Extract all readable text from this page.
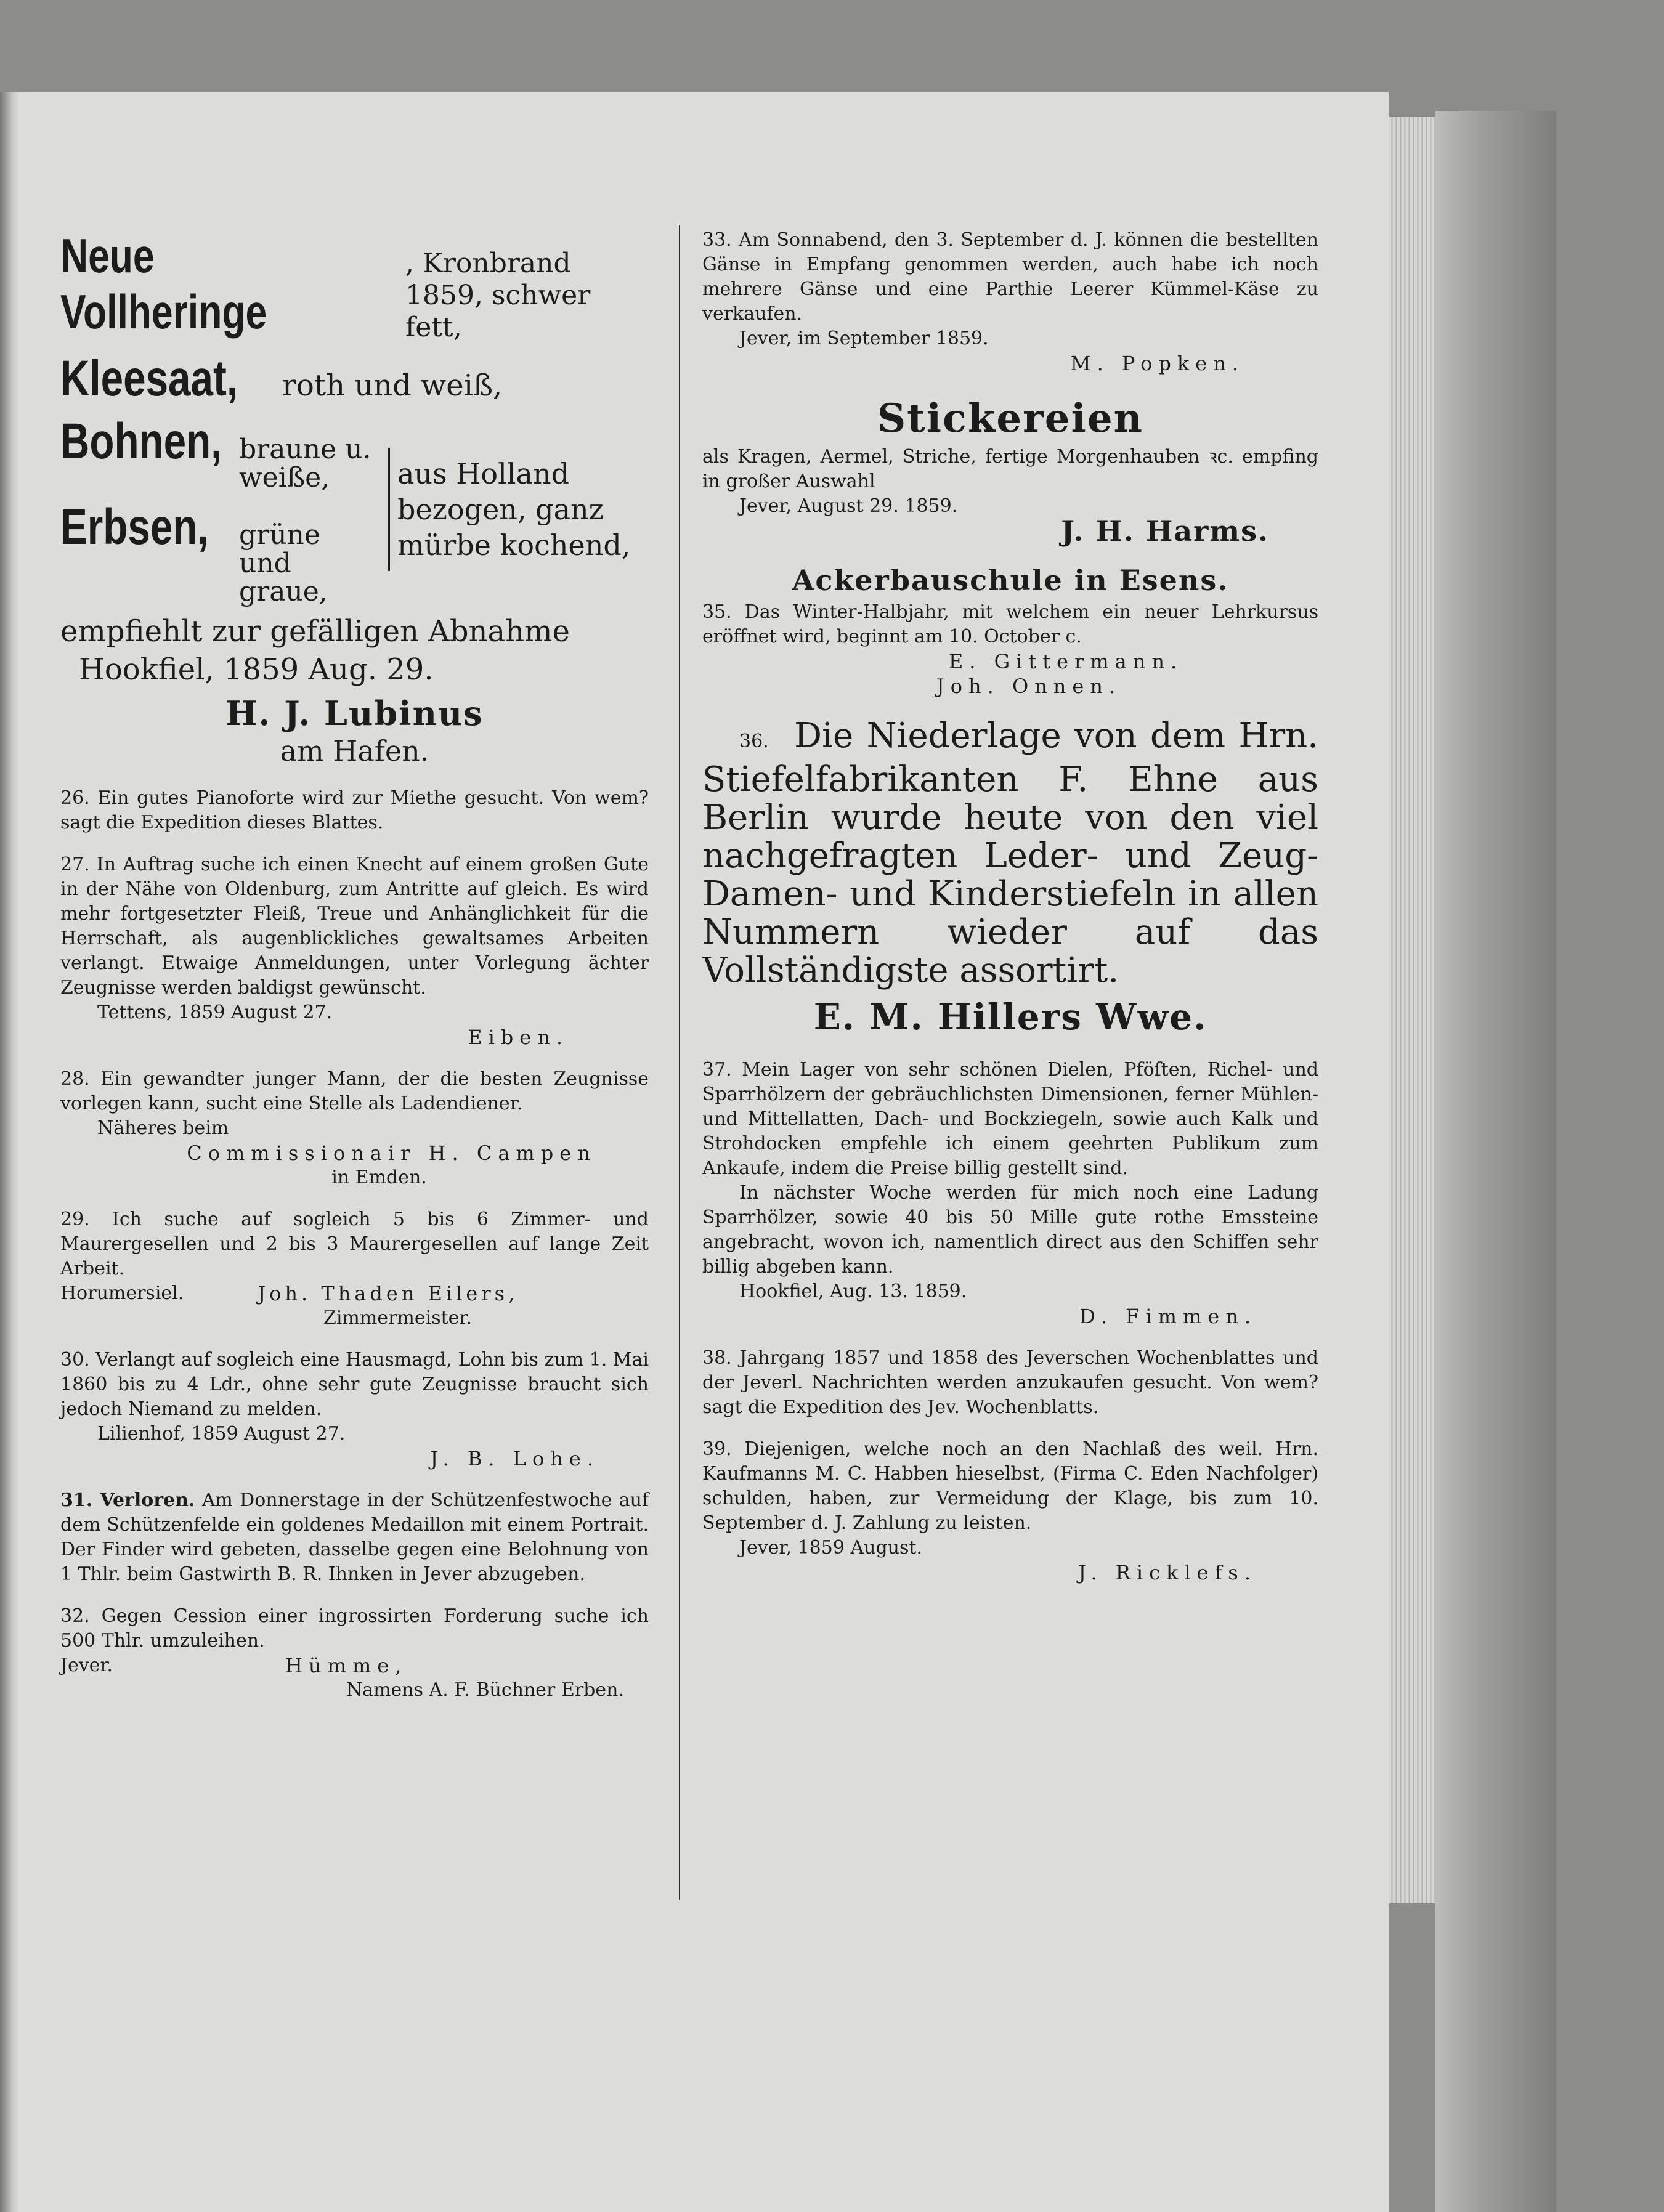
Neue Vollheringe
, Kronbrand 1859, schwer fett,
Kleesaat, roth und weiß,
Bohnen, braune u. weiße,
Erbsen, grüne und graue,
aus Holland bezogen, ganz mürbe kochend,

empfiehlt zur gefälligen Abnahme

Hookfiel, 1859 Aug. 29.

H. J. Lubinus

am Hafen.

26. Ein gutes Pianoforte wird zur Miethe gesucht. Von wem? sagt die Expedition dieses Blattes.

27. In Auftrag suche ich einen Knecht auf einem großen Gute in der Nähe von Oldenburg, zum Antritte auf gleich. Es wird mehr fortgesetzter Fleiß, Treue und Anhänglichkeit für die Herrschaft, als augenblickliches gewaltsames Arbeiten verlangt. Etwaige Anmeldungen, unter Vorlegung ächter Zeugnisse werden baldigst gewünscht.

Tettens, 1859 August 27.

Eiben.

28. Ein gewandter junger Mann, der die besten Zeugnisse vorlegen kann, sucht eine Stelle als Ladendiener.

Näheres beim

Commissionair H. Campen

in Emden.

29. Ich suche auf sogleich 5 bis 6 Zimmer- und Maurergesellen und 2 bis 3 Maurergesellen auf lange Zeit Arbeit.

Horumersiel.	Joh. Thaden Eilers,

Zimmermeister.

30. Verlangt auf sogleich eine Hausmagd, Lohn bis zum 1. Mai 1860 bis zu 4 Ldr., ohne sehr gute Zeugnisse braucht sich jedoch Niemand zu melden.

Lilienhof, 1859 August 27.

J. B. Lohe.

31. Verloren. Am Donnerstage in der Schützenfestwoche auf dem Schützenfelde ein goldenes Medaillon mit einem Portrait. Der Finder wird gebeten, dasselbe gegen eine Belohnung von 1 Thlr. beim Gastwirth B. R. Ihnken in Jever abzugeben.

32. Gegen Cession einer ingrossirten Forderung suche ich 500 Thlr. umzuleihen.

Jever.	Hümme,

Namens A. F. Büchner Erben.

33. Am Sonnabend, den 3. September d. J. können die bestellten Gänse in Empfang genommen werden, auch habe ich noch mehrere Gänse und eine Parthie Leerer Kümmel-Käse zu verkaufen.

Jever, im September 1859.

M. Popken.

Stickereien

als Kragen, Aermel, Striche, fertige Morgenhauben ꝛc. empfing in großer Auswahl

Jever, August 29. 1859.

J. H. Harms.

Ackerbauschule in Esens.

35. Das Winter-Halbjahr, mit welchem ein neuer Lehrkursus eröffnet wird, beginnt am 10. October c.

E. Gittermann.

Joh. Onnen.

36. Die Niederlage von dem Hrn. Stiefelfabrikanten F. Ehne aus Berlin wurde heute von den viel nachgefragten Leder- und Zeug-Damen- und Kinderstiefeln in allen Nummern wieder auf das Vollständigste assortirt.

E. M. Hillers Wwe.

37. Mein Lager von sehr schönen Dielen, Pföſten, Richel- und Sparrhölzern der gebräuchlichsten Dimensionen, ferner Mühlen- und Mittellatten, Dach- und Bockziegeln, sowie auch Kalk und Strohdocken empfehle ich einem geehrten Publikum zum Ankaufe, indem die Preise billig gestellt sind.

In nächster Woche werden für mich noch eine Ladung Sparrhölzer, sowie 40 bis 50 Mille gute rothe Emssteine angebracht, wovon ich, namentlich direct aus den Schiffen sehr billig abgeben kann.

Hookfiel, Aug. 13. 1859.

D. Fimmen.

38. Jahrgang 1857 und 1858 des Jeverschen Wochenblattes und der Jeverl. Nachrichten werden anzukaufen gesucht. Von wem? sagt die Expedition des Jev. Wochenblatts.

39. Diejenigen, welche noch an den Nachlaß des weil. Hrn. Kaufmanns M. C. Habben hieselbst, (Firma C. Eden Nachfolger) schulden, haben, zur Vermeidung der Klage, bis zum 10. September d. J. Zahlung zu leisten.

Jever, 1859 August.

J. Ricklefs.
